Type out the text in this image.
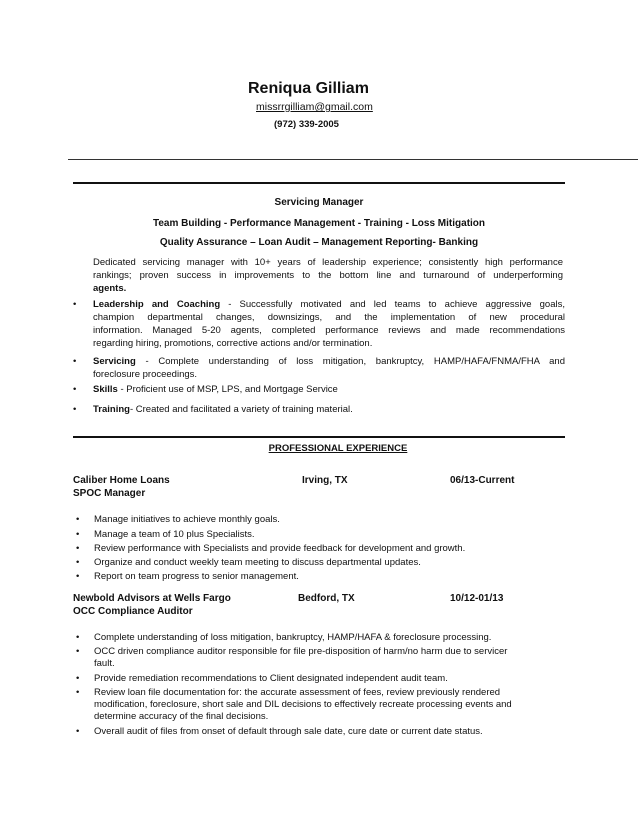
Reniqua Gilliam
missrrgilliam@gmail.com
(972) 339-2005
Servicing Manager
Team Building - Performance Management - Training - Loss Mitigation
Quality Assurance – Loan Audit – Management Reporting- Banking
Dedicated servicing manager with 10+ years of leadership experience; consistently high performance
rankings; proven success in improvements to the bottom line and turnaround of underperforming
agents.
•	Leadership and Coaching - Successfully motivated and led teams to achieve aggressive goals,
champion departmental changes, downsizings, and the implementation of new procedural
information. Managed 5-20 agents, completed performance reviews and made recommendations
regarding hiring, promotions, corrective actions and/or termination.
•	Servicing - Complete understanding of loss mitigation, bankruptcy, HAMP/HAFA/FNMA/FHA and
foreclosure proceedings.
•	Skills - Proficient use of MSP, LPS, and Mortgage Service
•	Training- Created and facilitated a variety of training material.
PROFESSIONAL EXPERIENCE
Caliber Home Loans	Irving, TX	06/13-Current
SPOC Manager
• Manage initiatives to achieve monthly goals.
• Manage a team of 10 plus Specialists.
• Review performance with Specialists and provide feedback for development and growth.
• Organize and conduct weekly team meeting to discuss departmental updates.
• Report on team progress to senior management.
Newbold Advisors at Wells Fargo	Bedford, TX	10/12-01/13
OCC Compliance Auditor
• Complete understanding of loss mitigation, bankruptcy, HAMP/HAFA & foreclosure processing.
• OCC driven compliance auditor responsible for file pre-disposition of harm/no harm due to servicer
fault.
• Provide remediation recommendations to Client designated independent audit team.
• Review loan file documentation for: the accurate assessment of fees, review previously rendered
modification, foreclosure, short sale and DIL decisions to effectively recreate processing events and
determine accuracy of the final decisions.
• Overall audit of files from onset of default through sale date, cure date or current date status.
